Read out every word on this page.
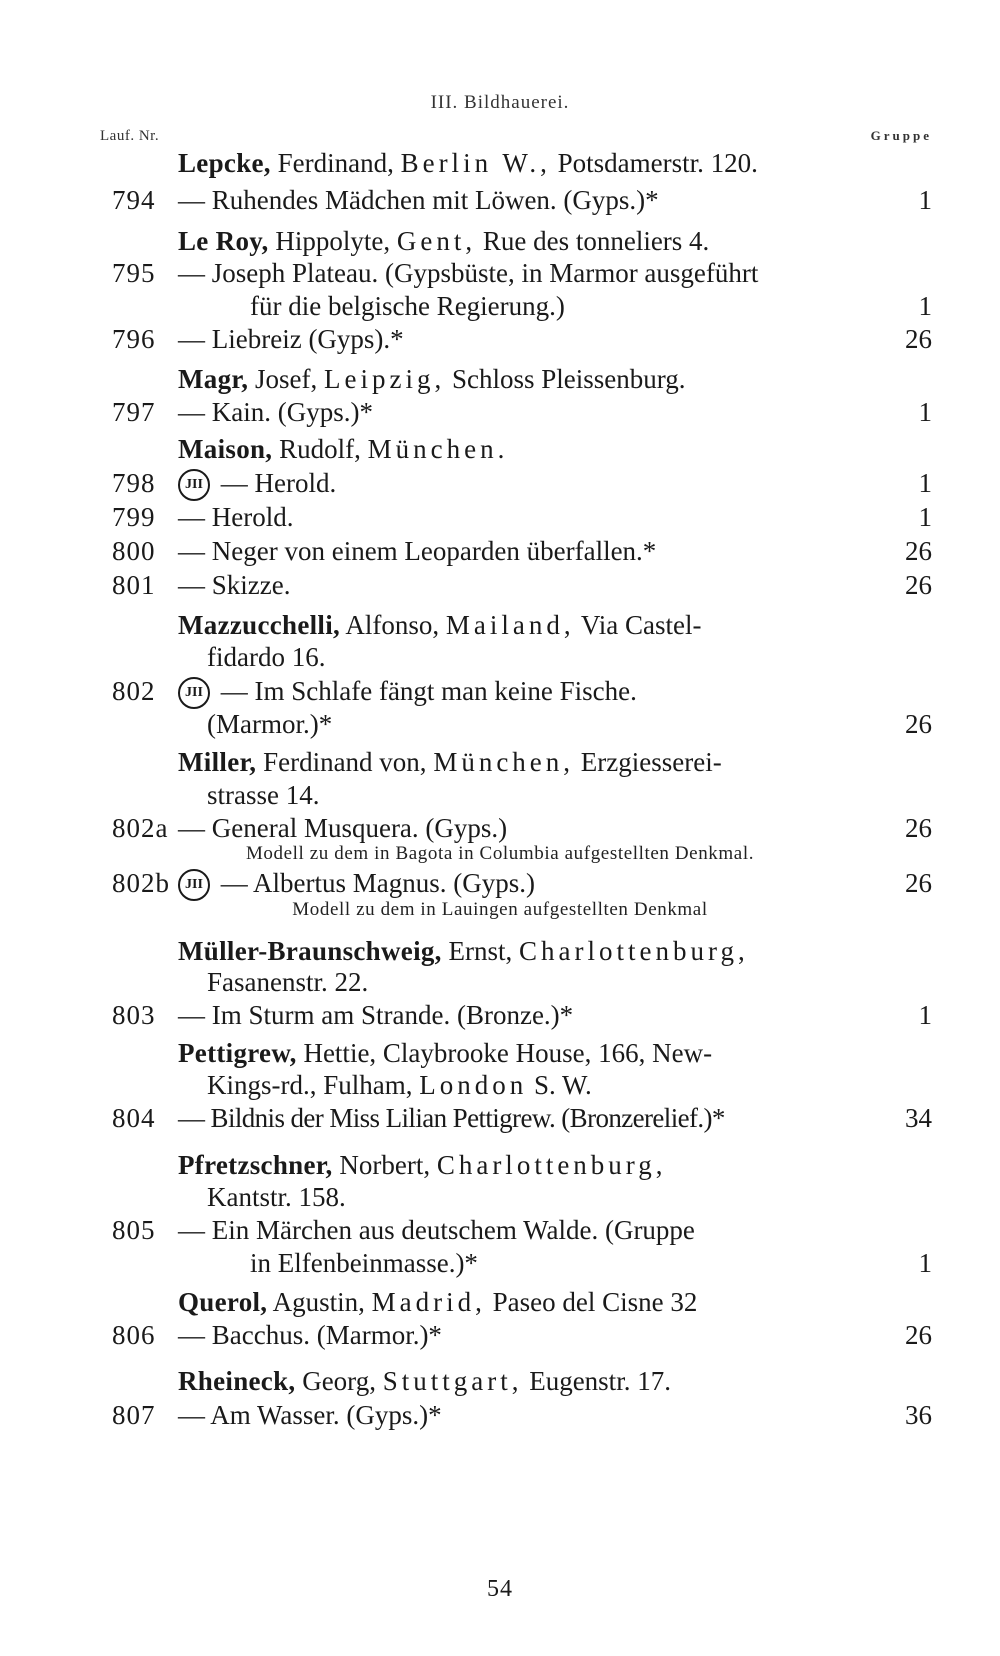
III. Bildhauerei.
Lauf. Nr.	Gruppe
Lepcke, Ferdinand, Berlin W., Potsdamerstr. 120.
794 — Ruhendes Mädchen mit Löwen. (Gyps.)*	1
Le Roy, Hippolyte, Gent, Rue des tonneliers 4.
795 — Joseph Plateau. (Gypsbüste, in Marmor ausgeführt
für die belgische Regierung.)	1
796 — Liebreiz (Gyps).*	26
Magr, Josef, Leipzig, Schloss Pleissenburg.
797 — Kain. (Gyps.)*	1
Maison, Rudolf, München.
798	JII — Herold.	1
799 — Herold.	1
800 — Neger von einem Leoparden überfallen.*	26
801 — Skizze.	26
Mazzucchelli, Alfonso, Mailand, Via Castel-
fidardo 16.
802	JII — Im Schlafe fängt man keine Fische.
(Marmor.)*	26
Miller, Ferdinand von, München, Erzgiesserei-
strasse 14.
802a — General Musquera. (Gyps.)	26
Modell zu dem in Bagota in Columbia aufgestellten Denkmal.
802b	JII — Albertus Magnus. (Gyps.)	26
Modell zu dem in Lauingen aufgestellten Denkmal
Müller-Braunschweig, Ernst, Charlottenburg,
Fasanenstr. 22.
803 — Im Sturm am Strande. (Bronze.)*	1
Pettigrew, Hettie, Claybrooke House, 166, New-
Kings-rd., Fulham, London S. W.
804 — Bildnis der Miss Lilian Pettigrew. (Bronzerelief.)*	34
Pfretzschner, Norbert, Charlottenburg,
Kantstr. 158.
805 — Ein Märchen aus deutschem Walde. (Gruppe
in Elfenbeinmasse.)*	1
Querol, Agustin, Madrid, Paseo del Cisne 32
806 — Bacchus. (Marmor.)*	26
Rheineck, Georg, Stuttgart, Eugenstr. 17.
807 — Am Wasser. (Gyps.)*	36
54
